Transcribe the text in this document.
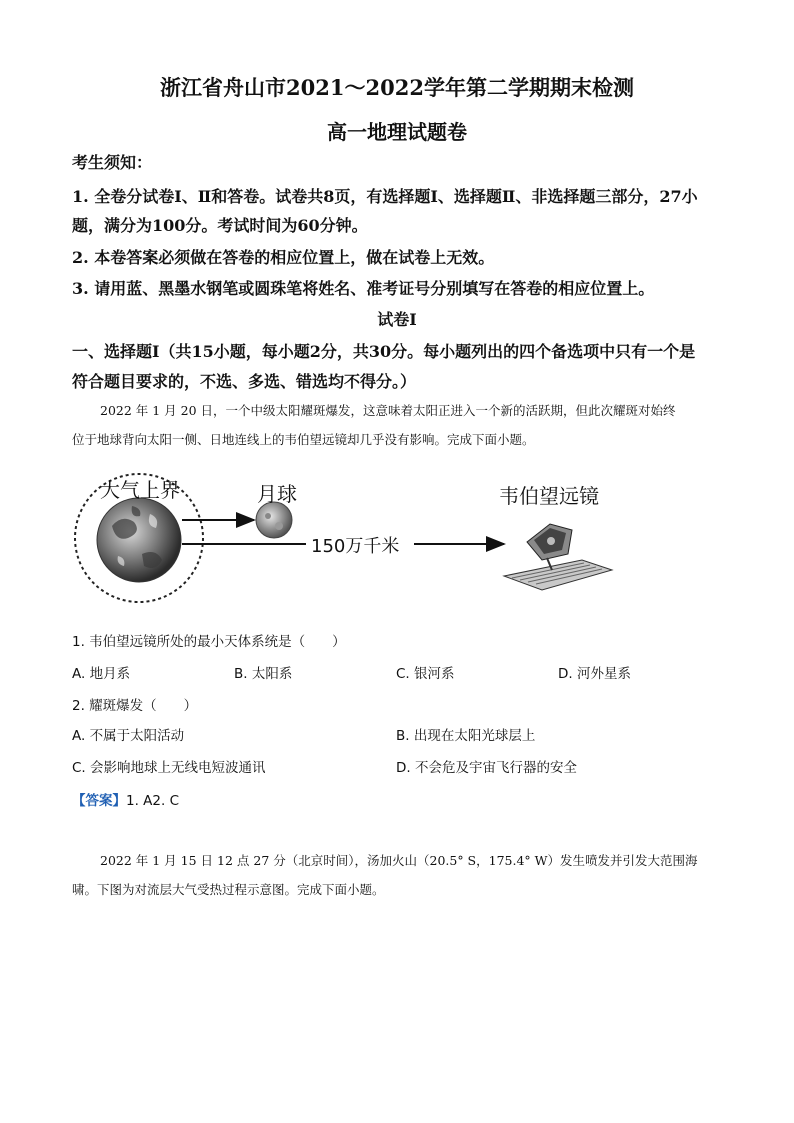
浙江省舟山市2021～2022学年第二学期期末检测
高一地理试题卷
考生须知：
1. 全卷分试卷Ⅰ、Ⅱ和答卷。试卷共8页，有选择题Ⅰ、选择题Ⅱ、非选择题三部分，27小
题，满分为100分。考试时间为60分钟。
2. 本卷答案必须做在答卷的相应位置上，做在试卷上无效。
3. 请用蓝、黑墨水钢笔或圆珠笔将姓名、准考证号分别填写在答卷的相应位置上。
试卷Ⅰ
一、选择题Ⅰ（共15小题，每小题2分，共30分。每小题列出的四个备选项中只有一个是
符合题目要求的，不选、多选、错选均不得分。）
2022 年 1 月 20 日，一个中级太阳耀斑爆发，这意味着太阳正进入一个新的活跃期，但此次耀斑对始终
位于地球背向太阳一侧、日地连线上的韦伯望远镜却几乎没有影响。完成下面小题。
大气上界	月球	韦伯望远镜
150万千米
1. 韦伯望远镜所处的最小天体系统是（　　）
A. 地月系	B. 太阳系	C. 银河系	D. 河外星系
2. 耀斑爆发（　　）
A. 不属于太阳活动	B. 出现在太阳光球层上
C. 会影响地球上无线电短波通讯	D. 不会危及宇宙飞行器的安全
【答案】1. A2. C
2022 年 1 月 15 日 12 点 27 分（北京时间），汤加火山（20.5° S，175.4° W）发生喷发并引发大范围海
啸。下图为对流层大气受热过程示意图。完成下面小题。
